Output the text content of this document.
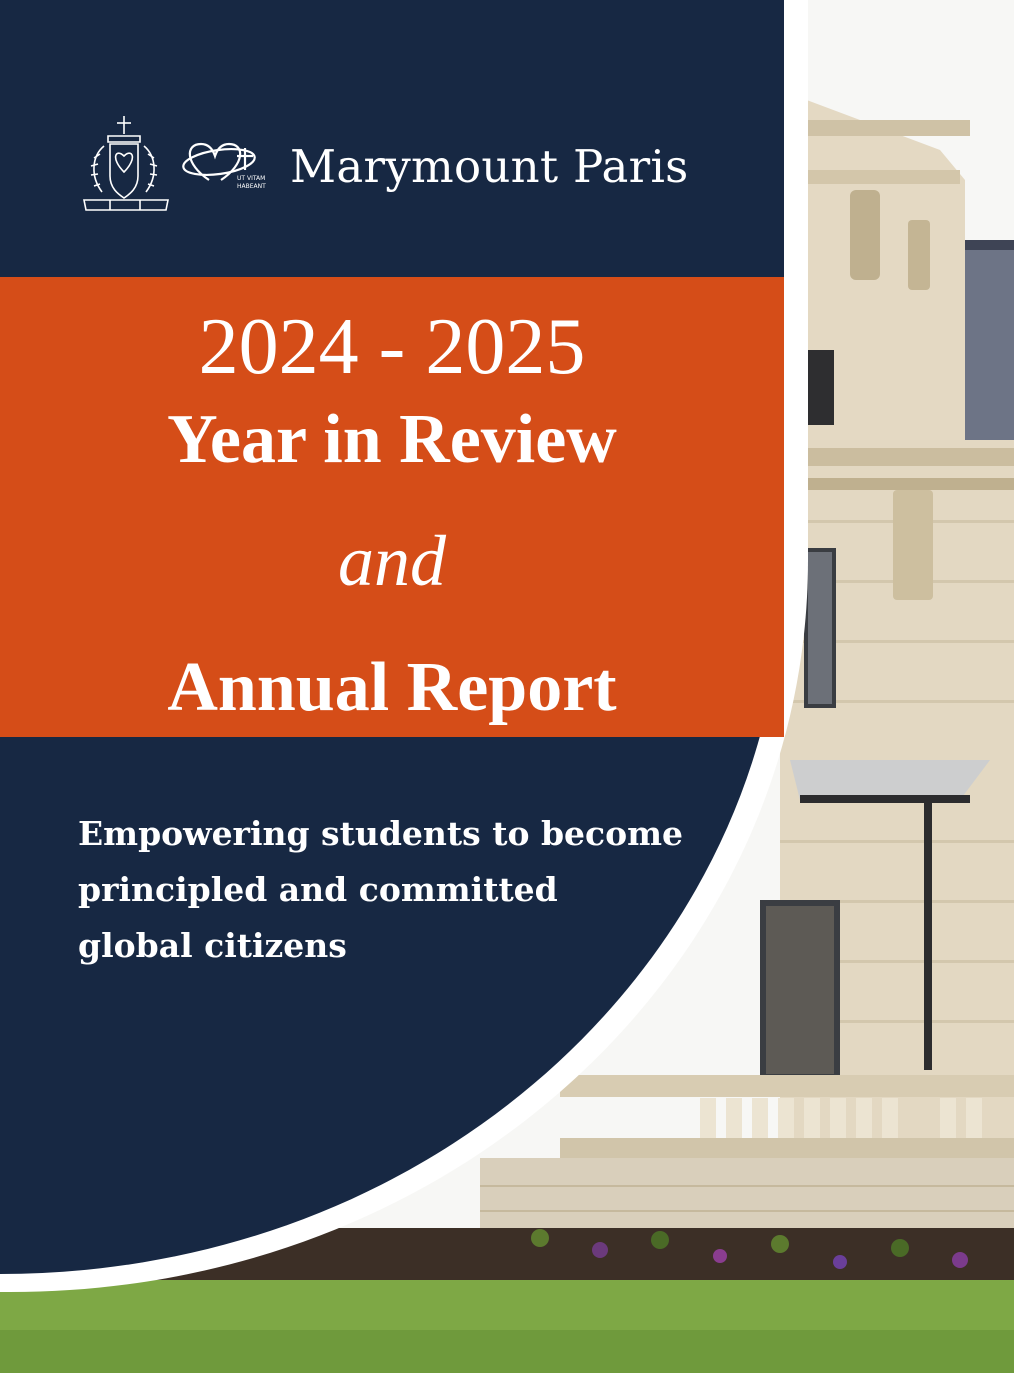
UT VITAM
HABEANT Marymount Paris
2024 - 2025
Year in Review
and
Annual Report
Empowering students to become
principled and committed
global citizens
